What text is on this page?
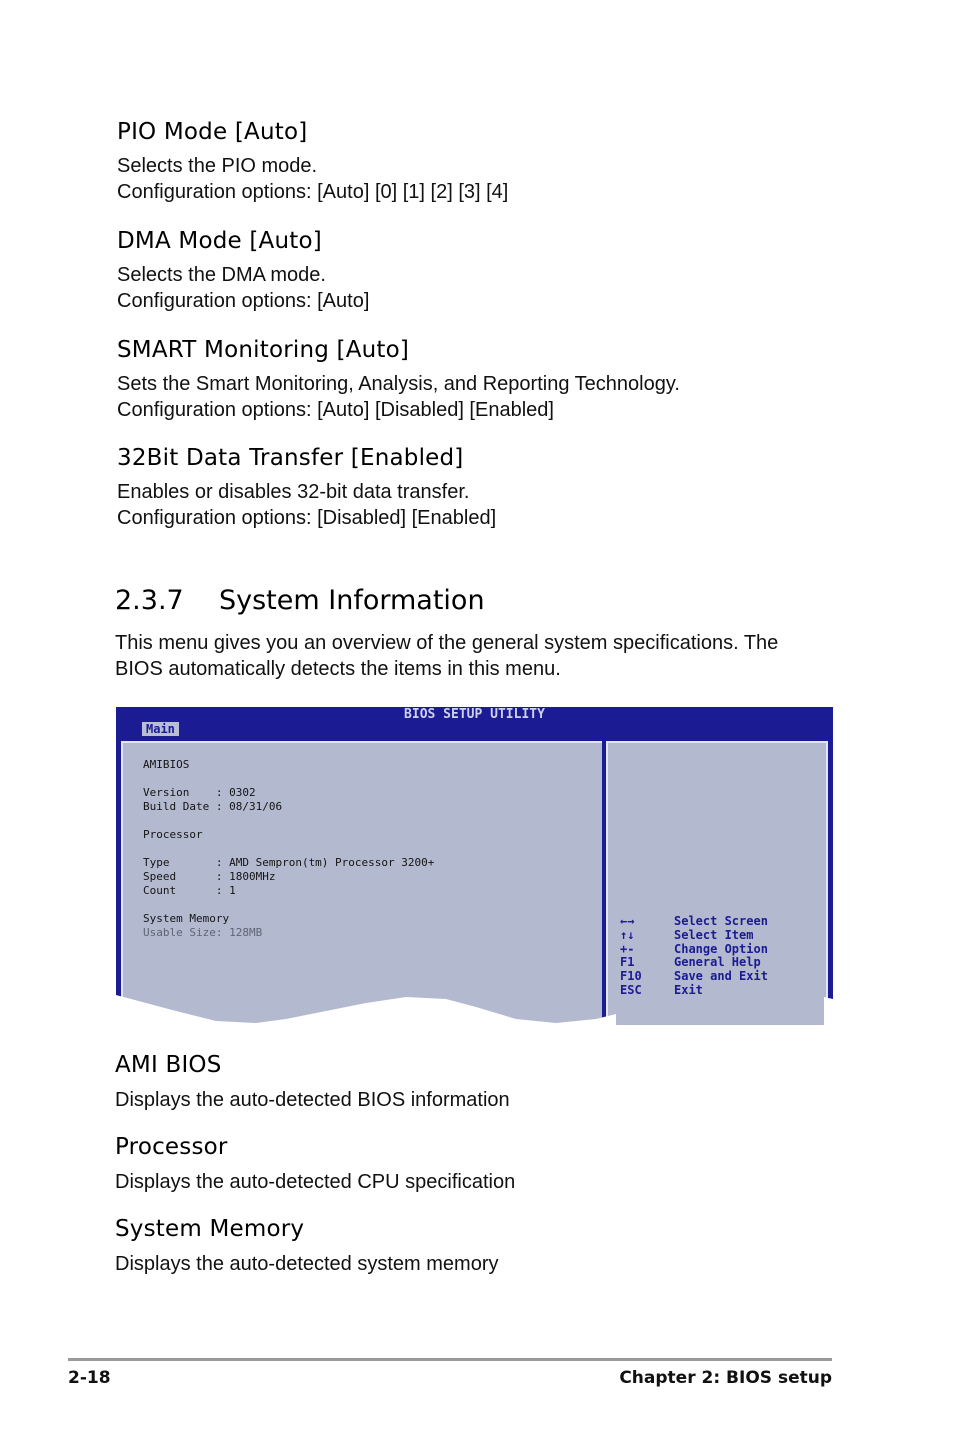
PIO Mode [Auto]

Selects the PIO mode.

Configuration options: [Auto] [0] [1] [2] [3] [4]

DMA Mode [Auto]

Selects the DMA mode.

Configuration options: [Auto]

SMART Monitoring [Auto]

Sets the Smart Monitoring, Analysis, and Reporting Technology.

Configuration options: [Auto] [Disabled] [Enabled]

32Bit Data Transfer [Enabled]

Enables or disables 32-bit data transfer.

Configuration options: [Disabled] [Enabled]

2.3.7 System Information

This menu gives you an overview of the general system specifications. The

BIOS automatically detects the items in this menu.

BIOS SETUP UTILITY
Main
AMIBIOS

Version    : 0302
Build Date : 08/31/06

Processor

Type       : AMD Sempron(tm) Processor 3200+
Speed      : 1800MHz
Count      : 1

System Memory
Usable Size: 128MB
←→	Select Screen
↑↓	Select Item
+-	Change Option
F1	General Help
F10	Save and Exit
ESC	Exit
AMI BIOS

Displays the auto-detected BIOS information

Processor

Displays the auto-detected CPU specification

System Memory

Displays the auto-detected system memory

2-18	Chapter 2: BIOS setup
